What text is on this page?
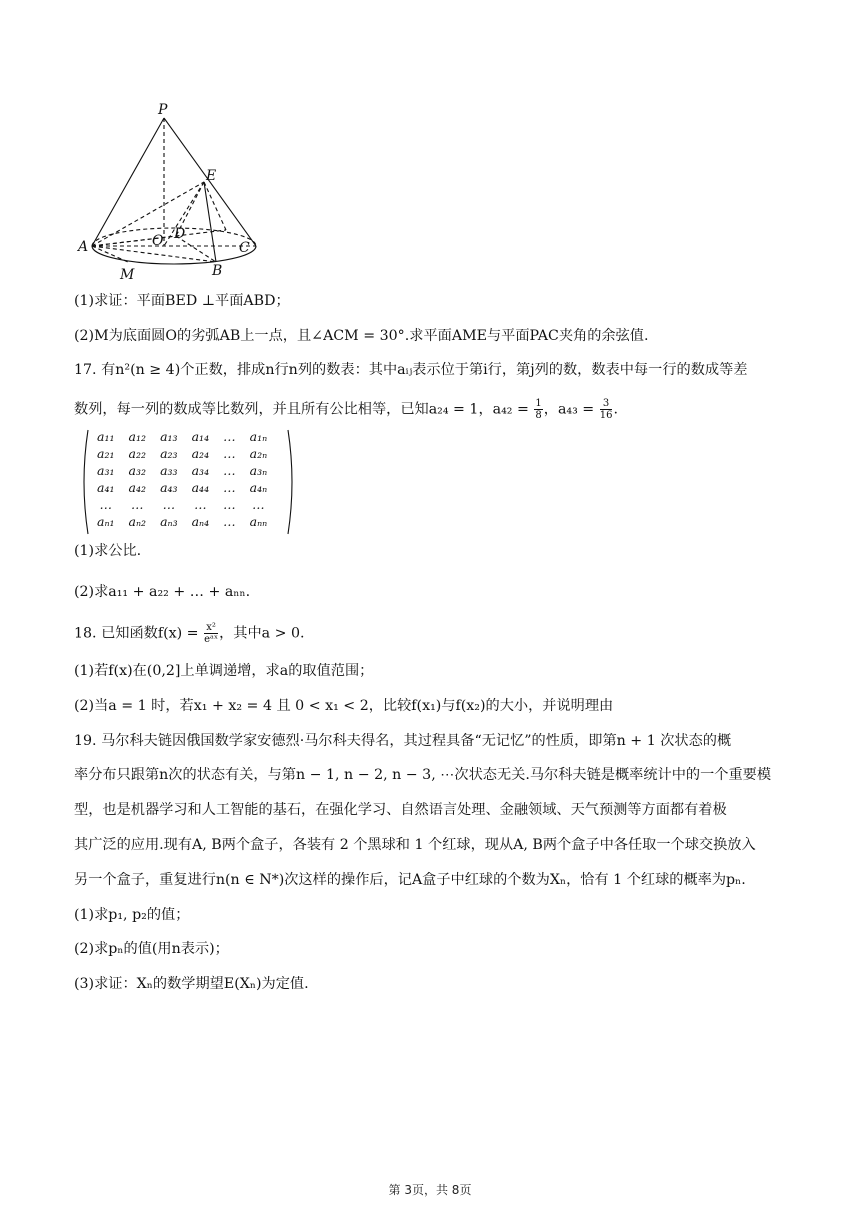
P
E
A	O D
C
M	B
(1)求证：平面BED ⊥平面ABD；
(2)M为底面圆O的劣弧AB上一点，且∠ACM = 30°.求平面AME与平面PAC夹角的余弦值.
17. 有n²(n ≥ 4)个正数，排成n行n列的数表：其中aᵢⱼ表示位于第i行，第j列的数，数表中每一行的数成等差
数列，每一列的数成等比数列，并且所有公比相等，已知a₂₄ = 1，$a_{42} = \frac{1}{8}$ ，$a_{43} = \frac{3}{16}$ .
a₁₁	a₁₂	a₁₃	a₁₄	…	a₁ₙ
a₂₁	a₂₂	a₂₃	a₂₄	…	a₂ₙ
a₃₁	a₃₂	a₃₃	a₃₄	…	a₃ₙ
a₄₁	a₄₂	a₄₃	a₄₄	…	a₄ₙ
…	…	…	…	…	…
aₙ₁	aₙ₂	aₙ₃	aₙ₄	…	aₙₙ
(1)求公比.
(2)求a₁₁ + a₂₂ + … + aₙₙ.
18. 已知函数$f(x) = \frac{\text{x²}}{\text{eᵃˣ}}$ ，其中a > 0.
(1)若f(x)在(0,2]上单调递增，求a的取值范围；
(2)当a = 1 时，若x₁ + x₂ = 4 且 0 < x₁ < 2，比较f(x₁)与f(x₂)的大小，并说明理由
19. 马尔科夫链因俄国数学家安德烈·马尔科夫得名，其过程具备“无记忆”的性质，即第n + 1 次状态的概
率分布只跟第n次的状态有关，与第n − 1, n − 2, n − 3, ⋯次状态无关.马尔科夫链是概率统计中的一个重要模
型，也是机器学习和人工智能的基石，在强化学习、自然语言处理、金融领域、天气预测等方面都有着极
其广泛的应用.现有A, B两个盒子，各装有 2 个黑球和 1 个红球，现从A, B两个盒子中各任取一个球交换放入
另一个盒子，重复进行n(n ∈ N*)次这样的操作后，记A盒子中红球的个数为Xₙ，恰有 1 个红球的概率为pₙ.
(1)求p₁, p₂的值；
(2)求pₙ的值(用n表示)；
(3)求证：Xₙ的数学期望E(Xₙ)为定值.
第 3页，共 8页
